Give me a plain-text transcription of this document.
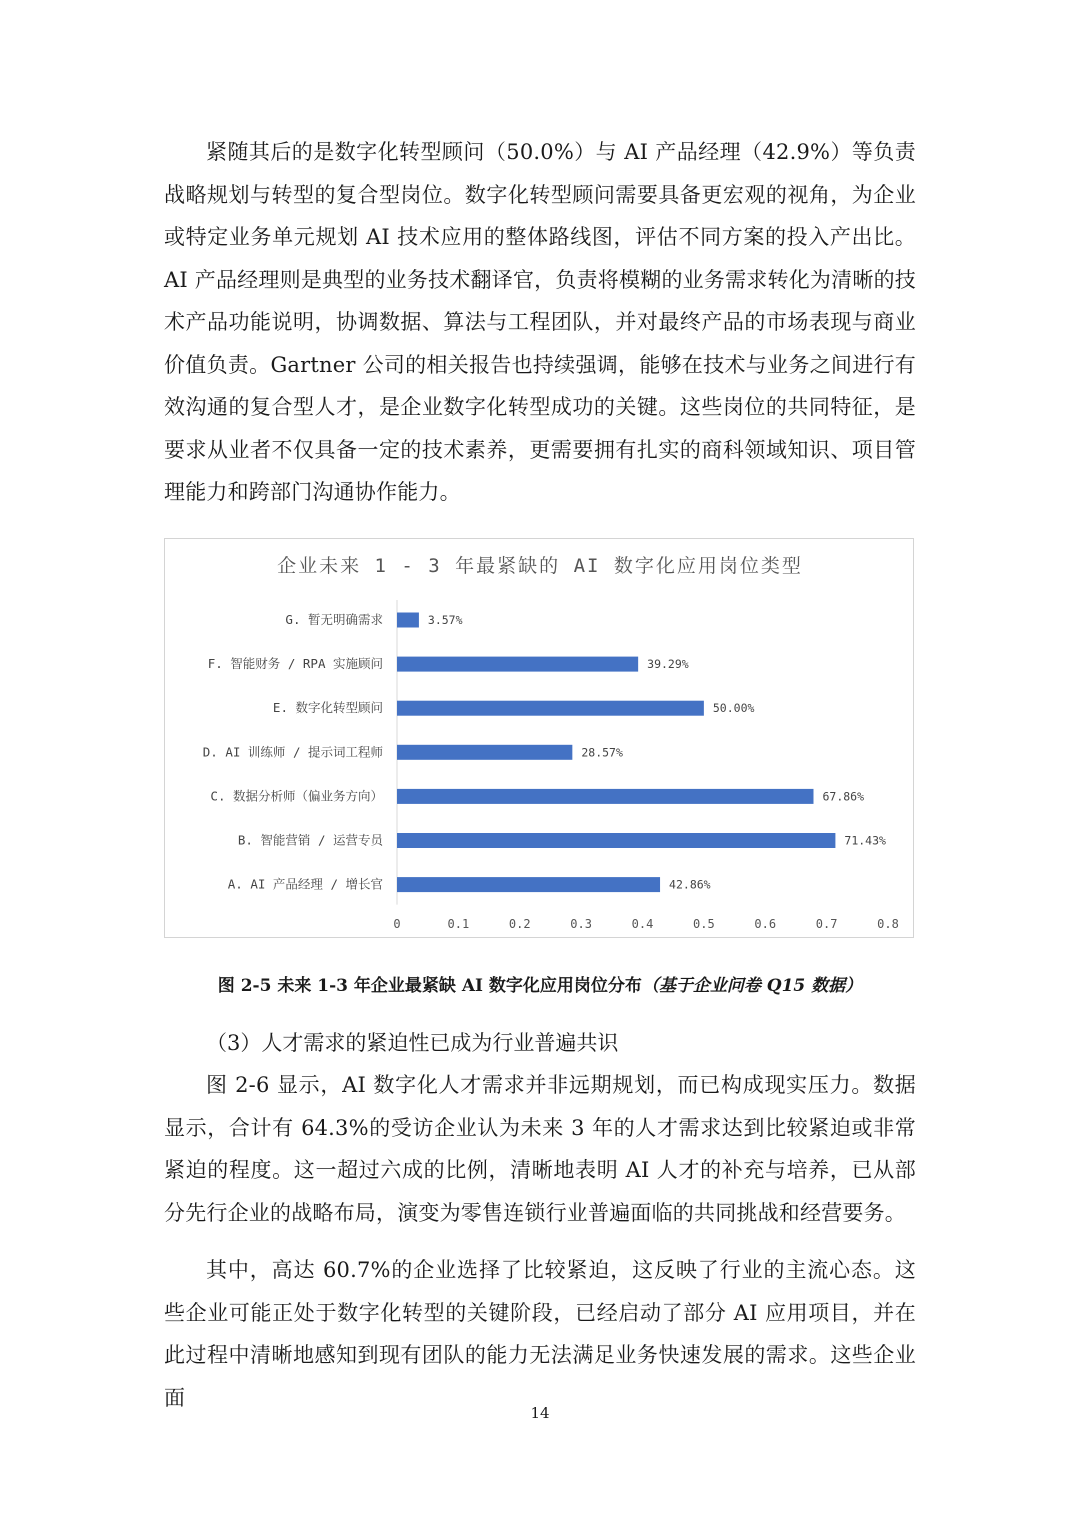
紧随其后的是数字化转型顾问（50.0%）与 AI 产品经理（42.9%）等负责战略规划与转型的复合型岗位。数字化转型顾问需要具备更宏观的视角，为企业或特定业务单元规划 AI 技术应用的整体路线图，评估不同方案的投入产出比。AI 产品经理则是典型的业务技术翻译官，负责将模糊的业务需求转化为清晰的技术产品功能说明，协调数据、算法与工程团队，并对最终产品的市场表现与商业价值负责。Gartner 公司的相关报告也持续强调，能够在技术与业务之间进行有效沟通的复合型人才，是企业数字化转型成功的关键。这些岗位的共同特征，是要求从业者不仅具备一定的技术素养，更需要拥有扎实的商科领域知识、项目管理能力和跨部门沟通协作能力。

企业未来 1 - 3 年最紧缺的 AI 数字化应用岗位类型
G. 暂无明确需求	3.57%
F. 智能财务 / RPA 实施顾问	39.29%
E. 数字化转型顾问	50.00%
D. AI 训练师 / 提示词工程师	28.57%
C. 数据分析师（偏业务方向）	67.86%
B. 智能营销 / 运营专员	71.43%
A. AI 产品经理 / 增长官	42.86%
0	0.1	0.2	0.3	0.4	0.5	0.6	0.7	0.8

图 2-5 未来 1-3 年企业最紧缺 AI 数字化应用岗位分布（基于企业问卷 Q15 数据）

（3）人才需求的紧迫性已成为行业普遍共识

图 2-6 显示，AI 数字化人才需求并非远期规划，而已构成现实压力。数据显示，合计有 64.3%的受访企业认为未来 3 年的人才需求达到比较紧迫或非常紧迫的程度。这一超过六成的比例，清晰地表明 AI 人才的补充与培养，已从部分先行企业的战略布局，演变为零售连锁行业普遍面临的共同挑战和经营要务。

其中，高达 60.7%的企业选择了比较紧迫，这反映了行业的主流心态。这些企业可能正处于数字化转型的关键阶段，已经启动了部分 AI 应用项目，并在此过程中清晰地感知到现有团队的能力无法满足业务快速发展的需求。这些企业面

14
